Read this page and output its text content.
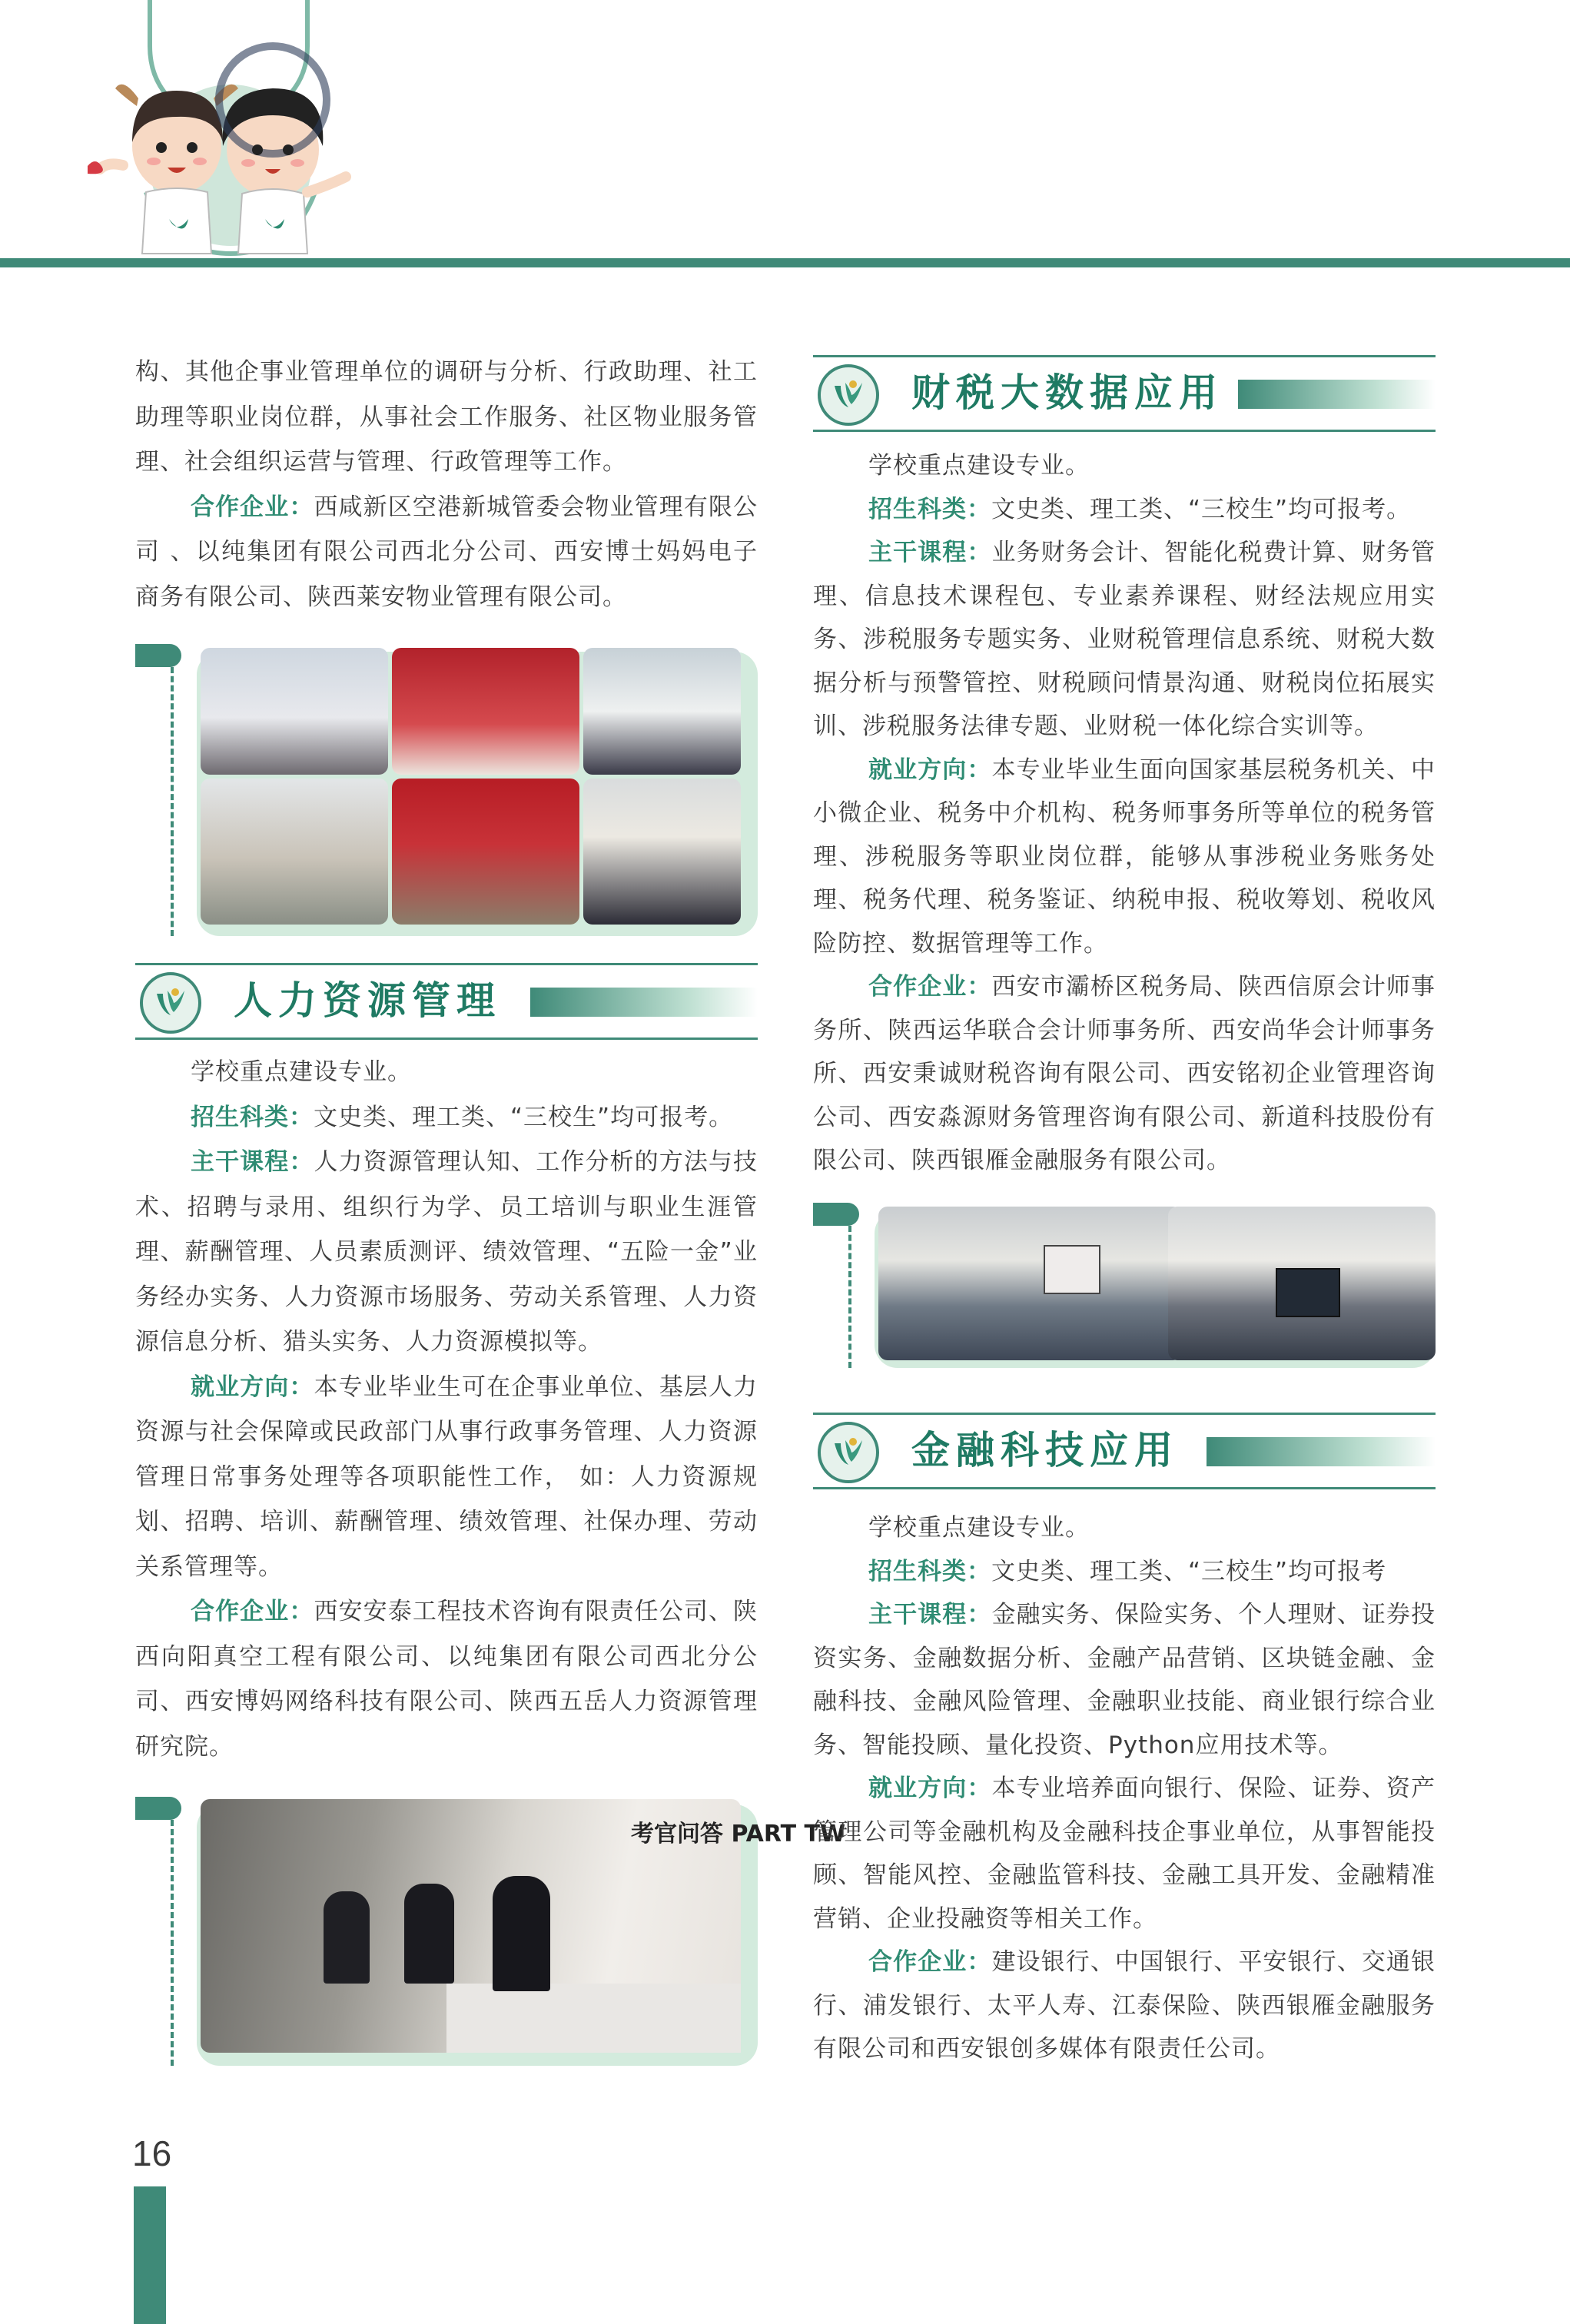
构、其他企事业管理单位的调研与分析、行政助理、社工助理等职业岗位群，从事社会工作服务、社区物业服务管理、社会组织运营与管理、行政管理等工作。

合作企业：西咸新区空港新城管委会物业管理有限公司 、以纯集团有限公司西北分公司、西安博士妈妈电子商务有限公司、陕西莱安物业管理有限公司。

人力资源管理

学校重点建设专业。

招生科类：文史类、理工类、“三校生”均可报考。

主干课程：人力资源管理认知、工作分析的方法与技术、招聘与录用、组织行为学、员工培训与职业生涯管理、薪酬管理、人员素质测评、绩效管理、“五险一金”业务经办实务、人力资源市场服务、劳动关系管理、人力资源信息分析、猎头实务、人力资源模拟等。

就业方向：本专业毕业生可在企事业单位、基层人力资源与社会保障或民政部门从事行政事务管理、人力资源管理日常事务处理等各项职能性工作， 如：人力资源规划、招聘、培训、薪酬管理、绩效管理、社保办理、劳动关系管理等。

合作企业：西安安泰工程技术咨询有限责任公司、陕西向阳真空工程有限公司、以纯集团有限公司西北分公司、西安博妈网络科技有限公司、陕西五岳人力资源管理研究院。

考官问答 PART TW
财税大数据应用

学校重点建设专业。

招生科类：文史类、理工类、“三校生”均可报考。

主干课程：业务财务会计、智能化税费计算、财务管理、信息技术课程包、专业素养课程、财经法规应用实务、涉税服务专题实务、业财税管理信息系统、财税大数据分析与预警管控、财税顾问情景沟通、财税岗位拓展实训、涉税服务法律专题、业财税一体化综合实训等。

就业方向：本专业毕业生面向国家基层税务机关、中小微企业、税务中介机构、税务师事务所等单位的税务管理、涉税服务等职业岗位群，能够从事涉税业务账务处理、税务代理、税务鉴证、纳税申报、税收筹划、税收风险防控、数据管理等工作。

合作企业：西安市灞桥区税务局、陕西信原会计师事务所、陕西运华联合会计师事务所、西安尚华会计师事务所、西安秉诚财税咨询有限公司、西安铭初企业管理咨询公司、西安淼源财务管理咨询有限公司、新道科技股份有限公司、陕西银雁金融服务有限公司。

金融科技应用

学校重点建设专业。

招生科类：文史类、理工类、“三校生”均可报考

主干课程：金融实务、保险实务、个人理财、证券投资实务、金融数据分析、金融产品营销、区块链金融、金融科技、金融风险管理、金融职业技能、商业银行综合业务、智能投顾、量化投资、Python应用技术等。

就业方向：本专业培养面向银行、保险、证券、资产管理公司等金融机构及金融科技企事业单位，从事智能投顾、智能风控、金融监管科技、金融工具开发、金融精准营销、企业投融资等相关工作。

合作企业：建设银行、中国银行、平安银行、交通银行、浦发银行、太平人寿、江泰保险、陕西银雁金融服务有限公司和西安银创多媒体有限责任公司。

16
